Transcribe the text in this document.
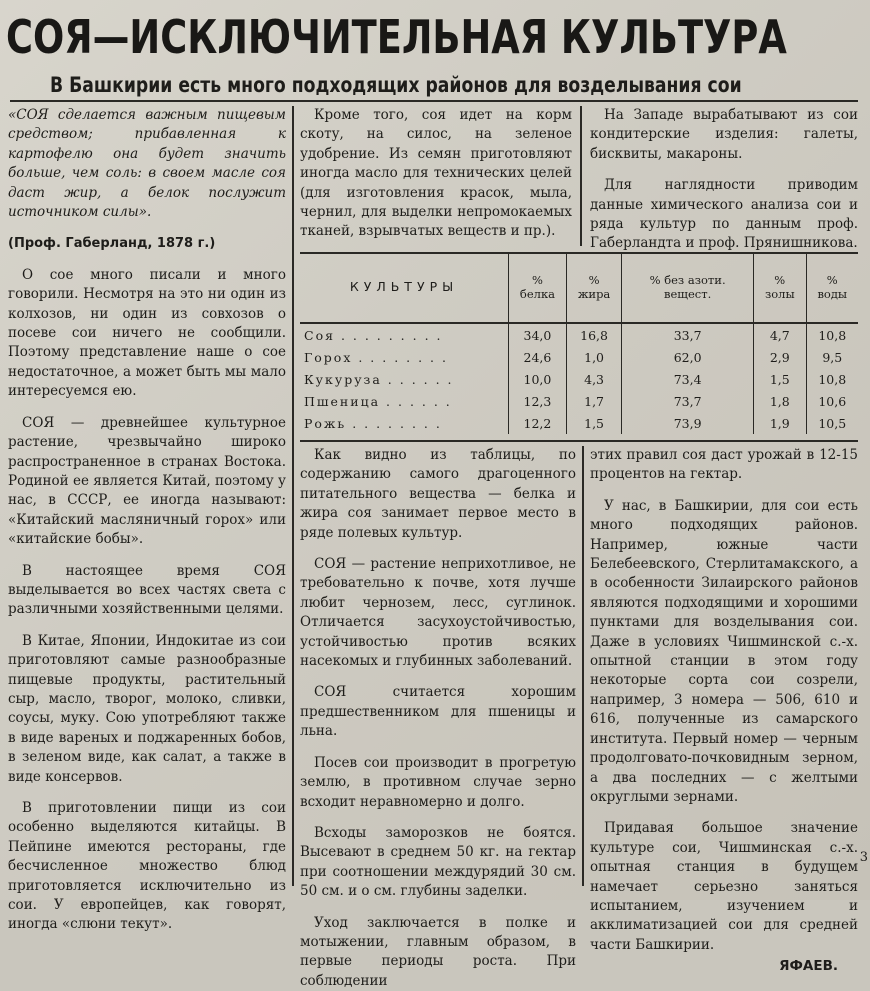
СОЯ—ИСКЛЮЧИТЕЛЬНАЯ КУЛЬТУРА
В Башкирии есть много подходящих районов для возделывания сои

«СОЯ сделается важным пищевым средством; прибавленная к картофелю она будет значить больше, чем соль: в своем масле соя даст жир, а белок послужит источником силы».

(Проф. Габерланд, 1878 г.)

О сое много писали и много говорили. Несмотря на это ни один из колхозов, ни один из совхозов о посеве сои ничего не сообщили. Поэтому представление наше о сое недостаточное, а может быть мы мало интересуемся ею.

СОЯ — древнейшее культурное растение, чрезвычайно широко распространенное в странах Востока. Родиной ее является Китай, поэтому у нас, в СССР, ее иногда называют: «Китайский масляничный горох» или «китайские бобы».

В настоящее время СОЯ выделывается во всех частях света с различными хозяйственными целями.

В Китае, Японии, Индокитае из сои приготовляют самые разнообразные пищевые продукты, растительный сыр, масло, творог, молоко, сливки, соусы, муку. Сою употребляют также в виде вареных и поджаренных бобов, в зеленом виде, как салат, а также в виде консервов.

В приготовлении пищи из сои особенно выделяются китайцы. В Пейпине имеются рестораны, где бесчисленное множество блюд приготовляется исключительно из сои. У европейцев, как говорят, иногда «слюни текут».

Кроме того, соя идет на корм скоту, на силос, на зеленое удобрение. Из семян приготовляют иногда масло для технических целей (для изготовления красок, мыла, чернил, для выделки непромокаемых тканей, взрывчатых веществ и пр.).

На Западе вырабатывают из сои кондитерские изделия: галеты, бисквиты, макароны.

Для наглядности приводим данные химического анализа сои и ряда культур по данным проф. Габерландта и проф. Прянишникова.

КУЛЬТУРЫ	% белка	% жира	% без азоти. вещест.	% золы	% воды
Соя . . . . . . . . .	34,0	16,8	33,7	4,7	10,8
Горох . . . . . . . .	24,6	1,0	62,0	2,9	9,5
Кукуруза . . . . . .	10,0	4,3	73,4	1,5	10,8
Пшеница . . . . . .	12,3	1,7	73,7	1,8	10,6
Рожь . . . . . . . .	12,2	1,5	73,9	1,9	10,5

Как видно из таблицы, по содержанию самого драгоценного питательного вещества — белка и жира соя занимает первое место в ряде полевых культур.

СОЯ — растение неприхотливое, не требовательно к почве, хотя лучше любит чернозем, лесс, суглинок. Отличается засухоустойчивостью, устойчивостью против всяких насекомых и глубинных заболеваний.

СОЯ считается хорошим предшественником для пшеницы и льна.

Посев сои производит в прогретую землю, в противном случае зерно всходит неравномерно и долго.

Всходы заморозков не боятся. Высевают в среднем 50 кг. на гектар при соотношении междурядий 30 см. 50 см. и о см. глубины заделки.

Уход заключается в полке и мотыжении, главным образом, в первые периоды роста. При соблюдении

этих правил соя даст урожай в 12-15 процентов на гектар.

У нас, в Башкирии, для сои есть много подходящих районов. Например, южные части Белебеевского, Стерлитамакского, а в особенности Зилаирского районов являются подходящими и хорошими пунктами для возделывания сои. Даже в условиях Чишминской с.-х. опытной станции в этом году некоторые сорта сои созрели, например, 3 номера — 506, 610 и 616, полученные из самарского института. Первый номер — черным продолговато-почковидным зерном, а два последних — с желтыми округлыми зернами.

Придавая большое значение культуре сои, Чишминская с.-х. опытная станция в будущем намечает серьезно заняться испытанием, изучением и акклиматизацией сои для средней части Башкирии.

ЯФАЕВ.
3
